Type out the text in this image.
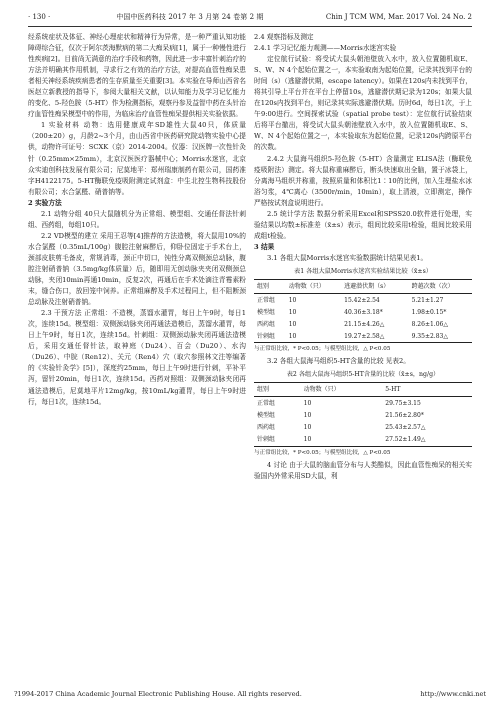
· 130 ·	中国中医药科技 2017 年 3 月第 24 卷第 2 期	Chin J TCM WM, Mar. 2017 Vol. 24 No. 2

经系统症状及体征、神经心理症状和精神行为异常，是一种严重认知功能障碍综合征，仅次于阿尔茨海默病的第二大痴呆病[1]，属于一种慢性进行性疾病[2]。目前尚无满意的治疗手段和药物，因此进一步丰富针刺治疗的方法并明确其作用机制，寻求行之有效的治疗方法，对提高血管性痴呆患者相关神经系统疾病患者的生存质量至关重要[3]。本实验在导师山西省名医赵立新教授的指导下，参阅大量相关文献，以认知能力及学习记忆能力的变化、5-羟色胺（5-HT）作为检测指标，观察丹参及益智中药在头针治疗血管性痴呆模型中的作用，为临床治疗血管性痴呆提供相关实验依据。

1 实验材料 动物：选用健康成年SD雄性大鼠40只，体质量（200±20）g，月龄2~3个月，由山西省中医药研究院动物实验中心提供，动物许可证号：SCXK（京）2014-2004。仪器：汉医牌一次性针灸针（0.25mm×25mm），北京汉医医疗器械中心；Morris水迷宫，北京众实迪创科技发展有限公司；尼莫地平：郑州瑞康制药有限公司，国药准字H4122175。5-HT酶联免疫吸附测定试剂盒：中生北控生物科技股份有限公司；水合氯醛、硝普钠等。

2 实验方法

2.1 动物分组 40只大鼠随机分为正常组、模型组、交通任督法针刺组、西药组，每组10只。

2.2 VD模型的建立 采用王忍等[4]推荐的方法造模，将大鼠用10%的水合氯醛（0.35mL/100g）腹腔注射麻醉后，仰卧位固定于手术台上，颈部皮肤剪毛备皮，常规消毒，颈正中切口，钝性分离双侧颈总动脉，腹腔注射硝普钠（3.5mg/kg体质量）后，随即用无创动脉夹夹闭双侧颈总动脉，夹闭10min再通10min，反复2次，再通后在手术处滴注青霉素粉末，缝合伤口，放回笼中饲养。正常组麻醉及手术过程同上，但不阻断颈总动脉及注射硝普钠。

2.3 干预方法 正常组：不造模，蒸馏水灌胃，每日上午9时，每日1次，连续15d。模型组：双侧颈动脉夹闭再通法造模后，蒸馏水灌胃，每日上午9时，每日1次，连续15d。针刺组：双侧颈动脉夹闭再通法造模后，采用交通任督针法，取神庭（Du24）、百会（Du20）、水沟（Du26）、中脘（Ren12）、关元（Ren4）穴（取穴参照林文注等编著的《实验针灸学》[5]），深度约25mm，每日上午9时进行针刺，平补平泻，留针20min，每日1次，连续15d。西药对照组：双侧颈动脉夹闭再通法造模后，尼莫地平片12mg/kg，按10mL/kg灌胃，每日上午9时进行，每日1次，连续15d。

2.4 观察指标及测定

2.4.1 学习记忆能力观测——Morris水迷宫实验

定位航行试验：将受试大鼠头朝池壁放入水中，放入位置随机取E、S、W、N 4个起始位置之一，本实验取南为起始位置，记录其找到平台的时间（s）（逃避潜伏期，escape latency）。如果在120s内未找到平台，将其引导上平台并在平台上停留10s，逃避潜伏期记录为120s；如果大鼠在120s内找到平台，则记录其实际逃避潜伏期。历时6d，每日1次，于上午9:00进行。空间探索试验（spatial probe test）：定位航行试验结束后将平台撤出，将受试大鼠头朝池壁放入水中，放入位置随机取E、S、W、N 4个起始位置之一，本实验取东为起始位置，记录120s内跨原平台的次数。

2.4.2 大鼠海马组织5-羟色胺（5-HT）含量测定 ELISA法（酶联免疫吸附法）测定。将大鼠称重麻醉后，断头快速取出全脑，置于冰袋上，分离海马组织并称重，按照质量和体积比1∶10的比例，加入生理盐水冰浴匀浆，4℃离心（3500r/min，10min），取上清液，立即测定，操作严格按试剂盒说明进行。

2.5 统计学方法 数据分析采用Excel和SPSS20.0软件进行处理，实验结果以均数±标准差（x̄±s）表示，组间比较采用t检验，组间比较采用成组t检验。

3 结果

3.1 各组大鼠Morris水迷宫实验数据统计结果见表1。

表1 各组大鼠Morris水迷宫实验结果比较（x̄±s）
组别	动物数（只）	逃避潜伏期（s）	跨越次数（次）
正常组	10	15.42±2.54	5.21±1.27
模型组	10	40.36±3.18*	1.98±0.15*
西药组	10	21.15±4.26△	8.26±1.06△
针刺组	10	19.27±2.58△	9.35±2.83△
与正常组比较，* P<0.05；与模型组比较，△ P<0.05

3.2 各组大鼠海马组织5-HT含量的比较 见表2。

表2 各组大鼠海马组织5-HT含量的比较（x̄±s，ng/g）
组别	动物数（只）	5-HT
正常组	10	29.75±3.15
模型组	10	21.56±2.80*
西药组	10	25.43±2.57△
针刺组	10	27.52±1.49△
与正常组比较，* P<0.05；与模型组比较，△ P<0.05

4 讨论 由于大鼠的脑血管分布与人类酷似，因此血管性痴呆的相关实验国内外常采用SD大鼠，利

?1994-2017 China Academic Journal Electronic Publishing House. All rights reserved.	http://www.cnki.net
